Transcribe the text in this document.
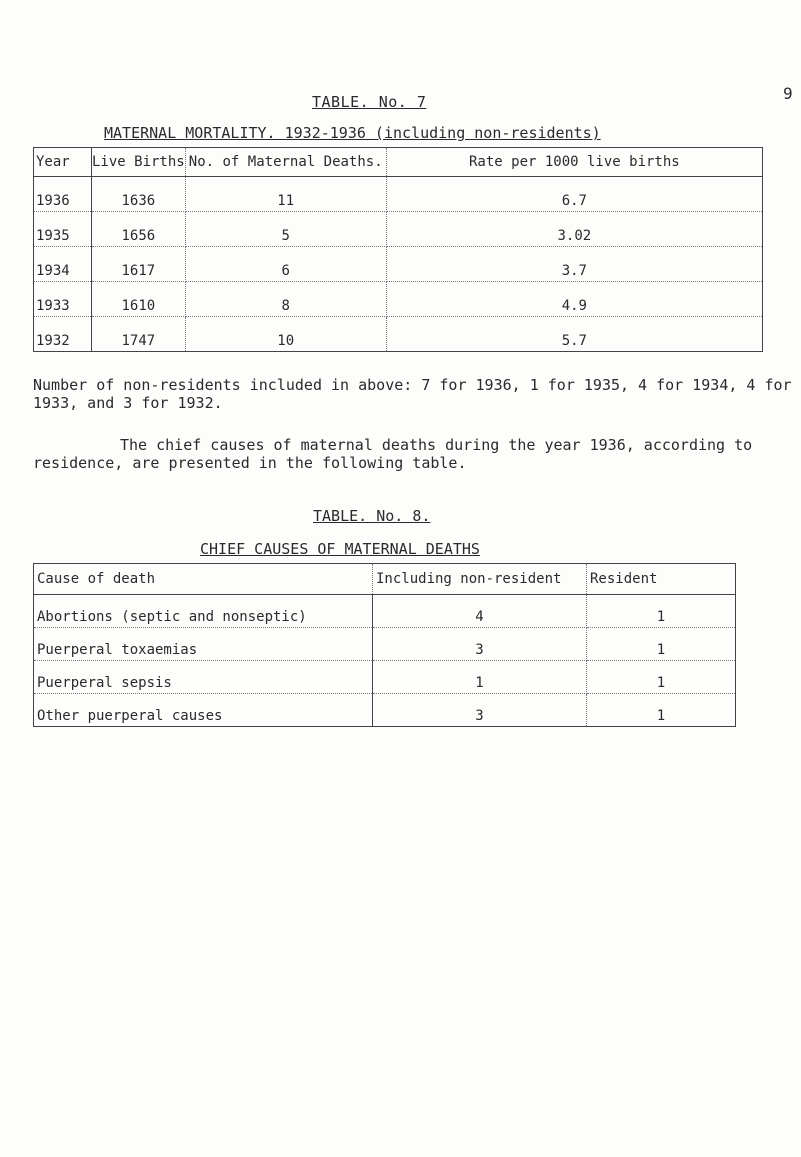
9
TABLE. No. 7
MATERNAL MORTALITY. 1932-1936 (including non-residents)
Year	Live Births	No. of Maternal Deaths.	Rate per 1000 live births
1936	1636	11	6.7
1935	1656	5	3.02
1934	1617	6	3.7
1933	1610	8	4.9
1932	1747	10	5.7
Number of non-residents included in above: 7 for 1936, 1 for 1935, 4 for 1934, 4 for 1933, and 3 for 1932.
The chief causes of maternal deaths during the year 1936, according to residence, are presented in the following table.
TABLE. No. 8.
CHIEF CAUSES OF MATERNAL DEATHS
Cause of death	Including non-resident	Resident
Abortions (septic and nonseptic)	4	1
Puerperal toxaemias	3	1
Puerperal sepsis	1	1
Other puerperal causes	3	1
